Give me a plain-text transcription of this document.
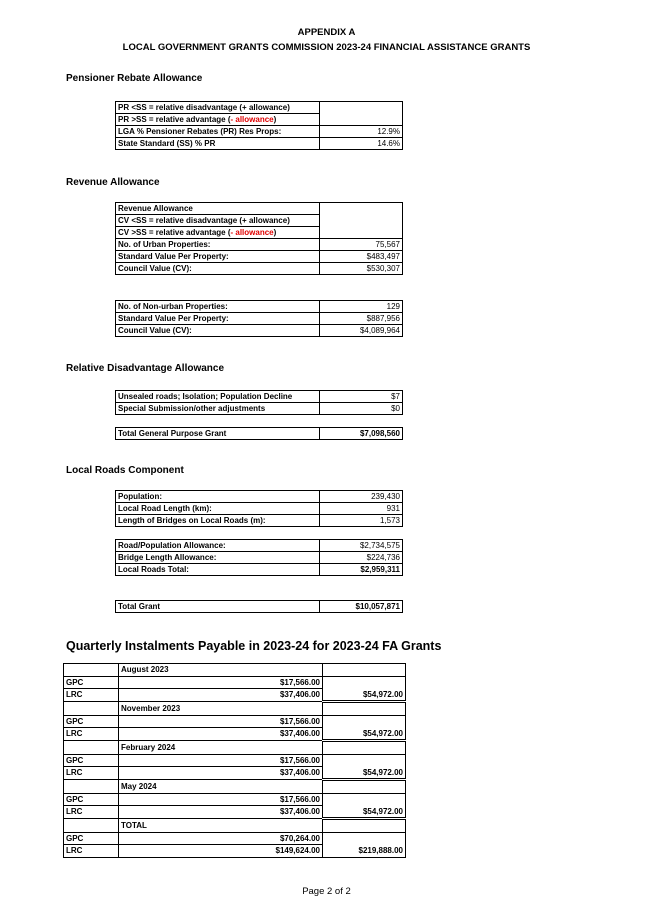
APPENDIX A
LOCAL GOVERNMENT GRANTS COMMISSION 2023-24 FINANCIAL ASSISTANCE GRANTS
Pensioner Rebate Allowance
PR <SS = relative disadvantage (+ allowance)	
PR >SS = relative advantage (- allowance)	
LGA % Pensioner Rebates (PR) Res Props:	12.9%
State Standard (SS) % PR	14.6%
Revenue Allowance
Revenue Allowance	
CV <SS = relative disadvantage (+ allowance)	
CV >SS = relative advantage (- allowance)	
No. of Urban Properties:	75,567
Standard Value Per Property:	$483,497
Council Value (CV):	$530,307
No. of Non-urban Properties:	129
Standard Value Per Property:	$887,956
Council Value (CV):	$4,089,964
Relative Disadvantage Allowance
Unsealed roads; Isolation; Population Decline	$7
Special Submission/other adjustments	$0
Total General Purpose Grant	$7,098,560
Local Roads Component
Population:	239,430
Local Road Length (km):	931
Length of Bridges on Local Roads (m):	1,573
Road/Population Allowance:	$2,734,575
Bridge Length Allowance:	$224,736
Local Roads Total:	$2,959,311
Total Grant	$10,057,871
Quarterly Instalments Payable in 2023-24 for 2023-24 FA Grants
	August 2023	
GPC	$17,566.00	
LRC	$37,406.00	$54,972.00
	November 2023	
GPC	$17,566.00	
LRC	$37,406.00	$54,972.00
	February 2024	
GPC	$17,566.00	
LRC	$37,406.00	$54,972.00
	May 2024	
GPC	$17,566.00	
LRC	$37,406.00	$54,972.00
	TOTAL	
GPC	$70,264.00	
LRC	$149,624.00	$219,888.00
Page 2 of 2
